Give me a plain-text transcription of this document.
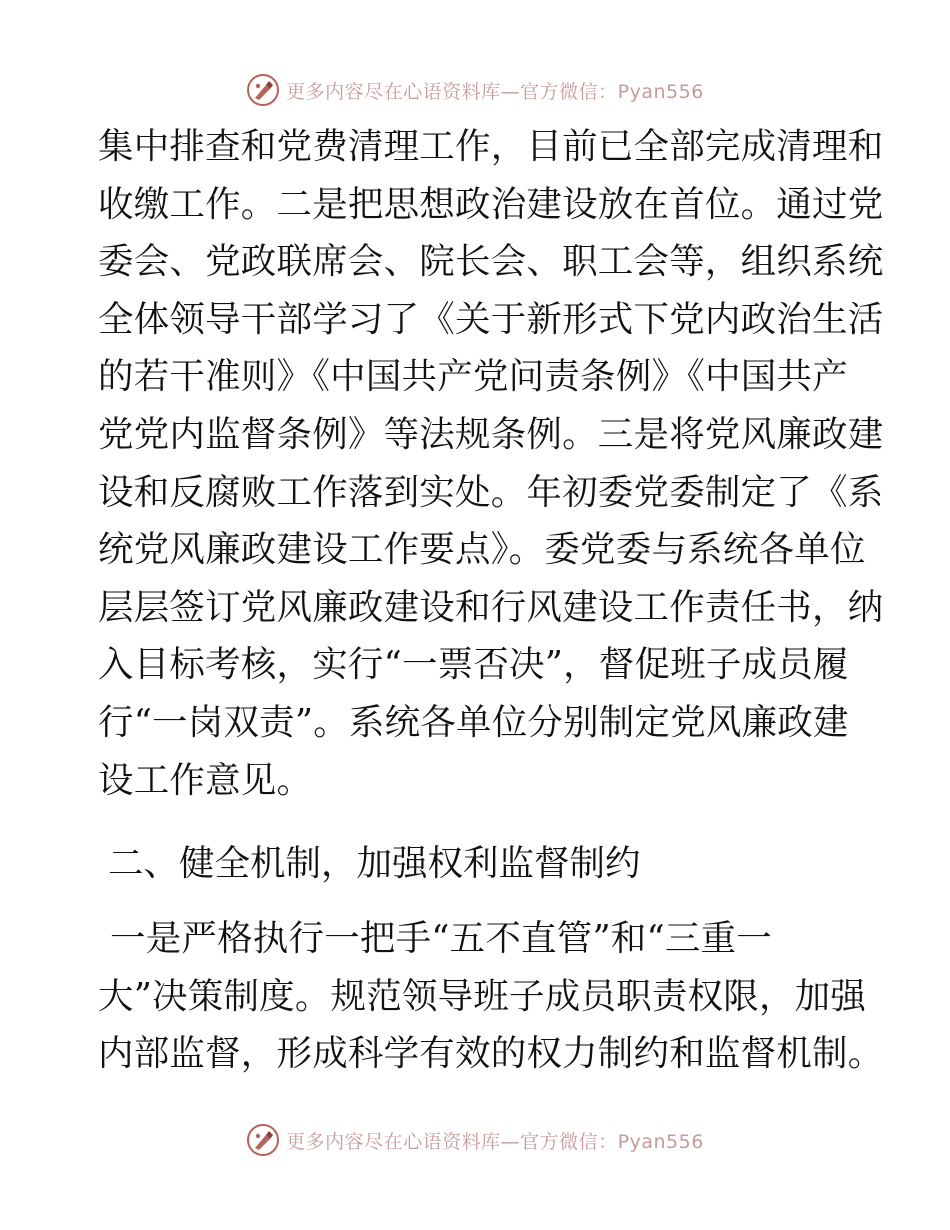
更多内容尽在心语资料库—官方微信：Pyan556
集中排查和党费清理工作，目前已全部完成清理和
收缴工作。二是把思想政治建设放在首位。通过党
委会、党政联席会、院长会、职工会等，组织系统
全体领导干部学习了《关于新形式下党内政治生活
的若干准则》《中国共产党问责条例》《中国共产
党党内监督条例》等法规条例。三是将党风廉政建
设和反腐败工作落到实处。年初委党委制定了《系
统党风廉政建设工作要点》。委党委与系统各单位
层层签订党风廉政建设和行风建设工作责任书，纳
入目标考核，实行“一票否决”，督促班子成员履
行“一岗双责”。系统各单位分别制定党风廉政建
设工作意见。
二、健全机制，加强权利监督制约
一是严格执行一把手“五不直管”和“三重一
大”决策制度。规范领导班子成员职责权限，加强
内部监督，形成科学有效的权力制约和监督机制。
更多内容尽在心语资料库—官方微信：Pyan556
